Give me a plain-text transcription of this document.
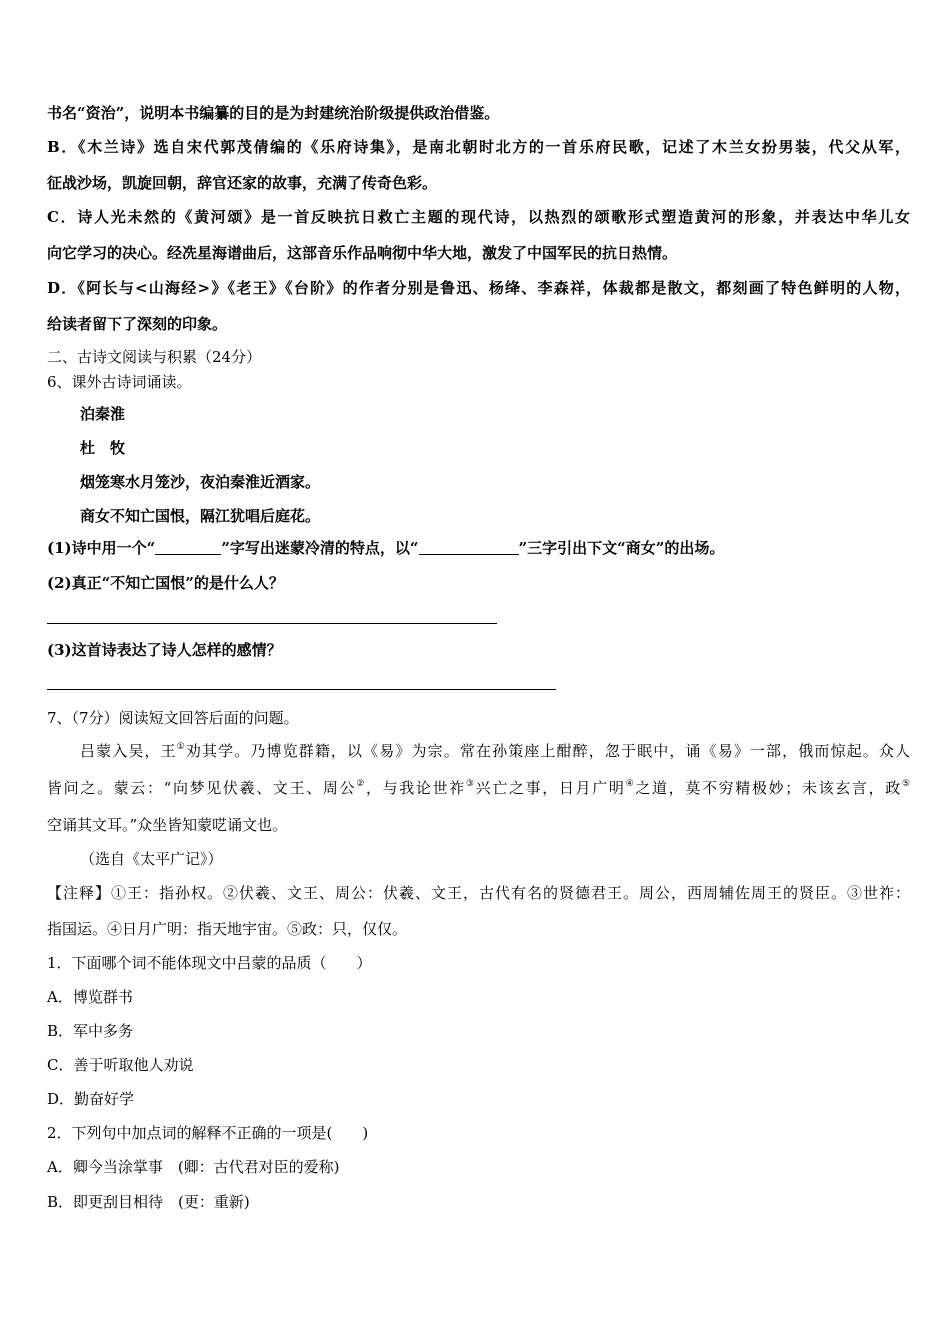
书名“资治”，说明本书编纂的目的是为封建统治阶级提供政治借鉴。
B．《木兰诗》选自宋代郭茂倩编的《乐府诗集》，是南北朝时北方的一首乐府民歌，记述了木兰女扮男装，代父从军，
征战沙场，凯旋回朝，辞官还家的故事，充满了传奇色彩。
C．诗人光未然的《黄河颂》是一首反映抗日救亡主题的现代诗，以热烈的颂歌形式塑造黄河的形象，并表达中华儿女
向它学习的决心。经冼星海谱曲后，这部音乐作品响彻中华大地，激发了中国军民的抗日热情。
D．《阿长与<山海经>》《老王》《台阶》的作者分别是鲁迅、杨绛、李森祥，体裁都是散文，都刻画了特色鲜明的人物，
给读者留下了深刻的印象。
二、古诗文阅读与积累（24分）
6、课外古诗词诵读。
泊秦淮
杜　牧
烟笼寒水月笼沙，夜泊秦淮近酒家。
商女不知亡国恨，隔江犹唱后庭花。
(1)诗中用一个“	”字写出迷蒙冷清的特点，以“	”三字引出下文“商女”的出场。
(2)真正“不知亡国恨”的是什么人？
(3)这首诗表达了诗人怎样的感情？
7、（7分）阅读短文回答后面的问题。
吕蒙入吴，王①劝其学。乃博览群籍，以《易》为宗。常在孙策座上酣醉，忽于眠中，诵《易》一部，俄而惊起。众人
皆问之。蒙云：“向梦见伏羲、文王、周公②，与我论世祚③兴亡之事，日月广明④之道，莫不穷精极妙；未该玄言，政⑤
空诵其文耳。”众坐皆知蒙呓诵文也。
（选自《太平广记》）
【注释】①王：指孙权。②伏羲、文王、周公：伏羲、文王，古代有名的贤德君王。周公，西周辅佐周王的贤臣。③世祚：
指国运。④日月广明：指天地宇宙。⑤政：只，仅仅。
1．下面哪个词不能体现文中吕蒙的品质（　　）
A．博览群书
B．军中多务
C．善于听取他人劝说
D．勤奋好学
2．下列句中加点词的解释不正确的一项是(　　)
A．卿今当涂掌事　(卿：古代君对臣的爱称)
B．即更刮目相待　(更：重新)
